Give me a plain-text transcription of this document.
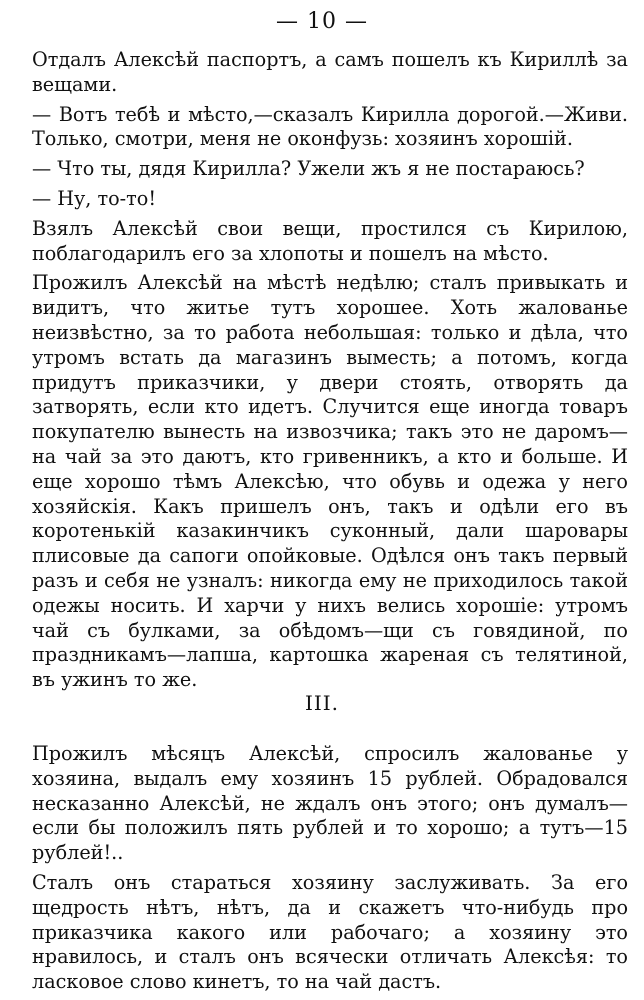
— 10 —

Отдалъ Алексѣй паспортъ, а самъ пошелъ къ Кириллѣ за вещами.

— Вотъ тебѣ и мѣсто,—сказалъ Кирилла дорогой.—Живи. Только, смотри, меня не оконфузь: хозяинъ хорошій.

— Что ты, дядя Кирилла? Ужели жъ я не постараюсь?

— Ну, то-то!

Взялъ Алексѣй свои вещи, простился съ Кирилою, поблагодарилъ его за хлопоты и пошелъ на мѣсто.

Прожилъ Алексѣй на мѣстѣ недѣлю; сталъ привыкать и видитъ, что житье тутъ хорошее. Хоть жалованье неизвѣстно, за то работа небольшая: только и дѣла, что утромъ встать да магазинъ выместь; а потомъ, когда придутъ приказчики, у двери стоять, отворять да затворять, если кто идетъ. Случится еще иногда товаръ покупателю вынесть на извозчика; такъ это не даромъ—на чай за это даютъ, кто гривенникъ, а кто и больше. И еще хорошо тѣмъ Алексѣю, что обувь и одежа у него хозяйскія. Какъ пришелъ онъ, такъ и одѣли его въ коротенькій казакинчикъ суконный, дали шаровары плисовые да сапоги опойковые. Одѣлся онъ такъ первый разъ и себя не узналъ: никогда ему не приходилось такой одежы носить. И харчи у нихъ велись хорошіе: утромъ чай съ булками, за обѣдомъ—щи съ говядиной, по праздникамъ—лапша, картошка жареная съ телятиной, въ ужинъ то же.

III.

Прожилъ мѣсяцъ Алексѣй, спросилъ жалованье у хозяина, выдалъ ему хозяинъ 15 рублей. Обрадовался несказанно Алексѣй, не ждалъ онъ этого; онъ думалъ—если бы положилъ пять рублей и то хорошо; а тутъ—15 рублей!..

Сталъ онъ стараться хозяину заслуживать. За его щедрость нѣтъ, нѣтъ, да и скажетъ что-нибудь про приказчика какого или рабочаго; а хозяину это нравилось, и сталъ онъ всячески отличать Алексѣя: то ласковое слово кинетъ, то на чай дастъ.
